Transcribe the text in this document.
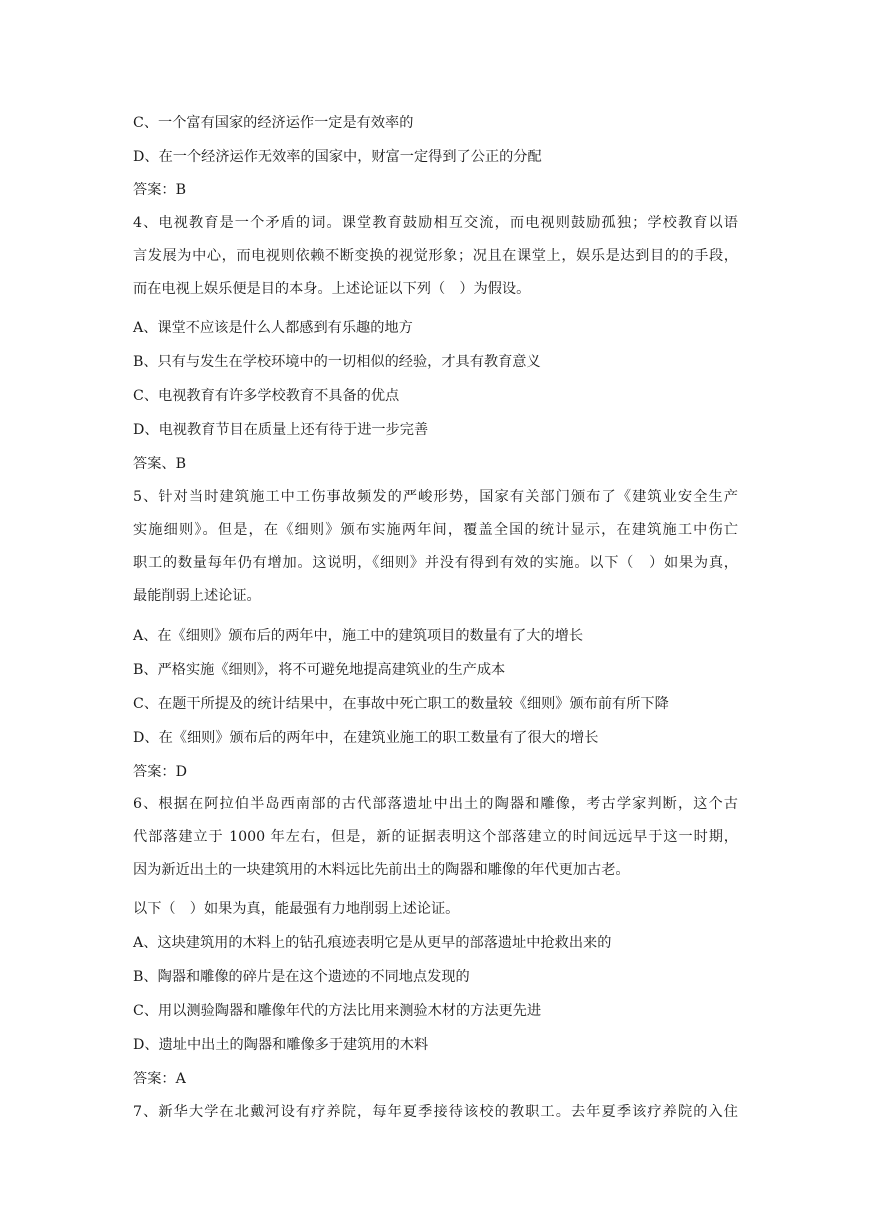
C、一个富有国家的经济运作一定是有效率的
D、在一个经济运作无效率的国家中，财富一定得到了公正的分配
答案：B
4、电视教育是一个矛盾的词。课堂教育鼓励相互交流，而电视则鼓励孤独；学校教育以语
言发展为中心，而电视则依赖不断变换的视觉形象；况且在课堂上，娱乐是达到目的的手段，
而在电视上娱乐便是目的本身。上述论证以下列（　）为假设。
A、课堂不应该是什么人都感到有乐趣的地方
B、只有与发生在学校环境中的一切相似的经验，才具有教育意义
C、电视教育有许多学校教育不具备的优点
D、电视教育节目在质量上还有待于进一步完善
答案、B
5、针对当时建筑施工中工伤事故频发的严峻形势，国家有关部门颁布了《建筑业安全生产
实施细则》。但是，在《细则》颁布实施两年间，覆盖全国的统计显示，在建筑施工中伤亡
职工的数量每年仍有增加。这说明，《细则》并没有得到有效的实施。以下（　）如果为真，
最能削弱上述论证。
A、在《细则》颁布后的两年中，施工中的建筑项目的数量有了大的增长
B、严格实施《细则》，将不可避免地提高建筑业的生产成本
C、在题干所提及的统计结果中，在事故中死亡职工的数量较《细则》颁布前有所下降
D、在《细则》颁布后的两年中，在建筑业施工的职工数量有了很大的增长
答案：D
6、根据在阿拉伯半岛西南部的古代部落遗址中出土的陶器和雕像，考古学家判断，这个古
代部落建立于 1000 年左右，但是，新的证据表明这个部落建立的时间远远早于这一时期，
因为新近出土的一块建筑用的木料远比先前出土的陶器和雕像的年代更加古老。
以下（　）如果为真，能最强有力地削弱上述论证。
A、这块建筑用的木料上的钻孔痕迹表明它是从更早的部落遗址中抢救出来的
B、陶器和雕像的碎片是在这个遗迹的不同地点发现的
C、用以测验陶器和雕像年代的方法比用来测验木材的方法更先进
D、遗址中出土的陶器和雕像多于建筑用的木料
答案：A
7、新华大学在北戴河设有疗养院，每年夏季接待该校的教职工。去年夏季该疗养院的入住
